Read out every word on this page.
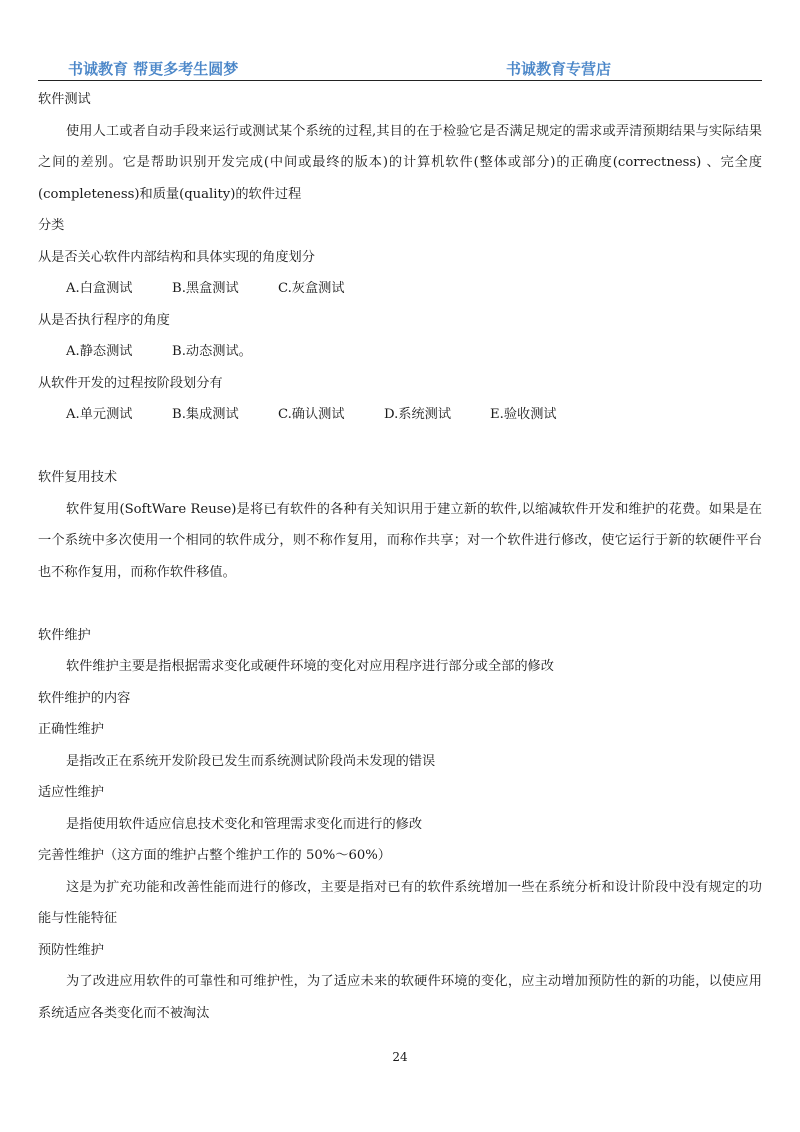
书诚教育 帮更多考生圆梦	书诚教育专营店

软件测试

使用人工或者自动手段来运行或测试某个系统的过程,其目的在于检验它是否满足规定的需求或弄清预期结果与实际结果之间的差别。它是帮助识别开发完成(中间或最终的版本)的计算机软件(整体或部分)的正确度(correctness) 、完全度(completeness)和质量(quality)的软件过程

分类

从是否关心软件内部结构和具体实现的角度划分

A.白盒测试	B.黑盒测试	C.灰盒测试

从是否执行程序的角度

A.静态测试	B.动态测试。

从软件开发的过程按阶段划分有

A.单元测试	B.集成测试	C.确认测试	D.系统测试	E.验收测试

软件复用技术

软件复用(SoftWare Reuse)是将已有软件的各种有关知识用于建立新的软件,以缩减软件开发和维护的花费。如果是在一个系统中多次使用一个相同的软件成分，则不称作复用，而称作共享；对一个软件进行修改，使它运行于新的软硬件平台也不称作复用，而称作软件移值。

软件维护

软件维护主要是指根据需求变化或硬件环境的变化对应用程序进行部分或全部的修改

软件维护的内容

正确性维护

是指改正在系统开发阶段已发生而系统测试阶段尚未发现的错误

适应性维护

是指使用软件适应信息技术变化和管理需求变化而进行的修改

完善性维护（这方面的维护占整个维护工作的 50%～60%）

这是为扩充功能和改善性能而进行的修改，主要是指对已有的软件系统增加一些在系统分析和设计阶段中没有规定的功能与性能特征

预防性维护

为了改进应用软件的可靠性和可维护性，为了适应未来的软硬件环境的变化，应主动增加预防性的新的功能，以使应用系统适应各类变化而不被淘汰

24
